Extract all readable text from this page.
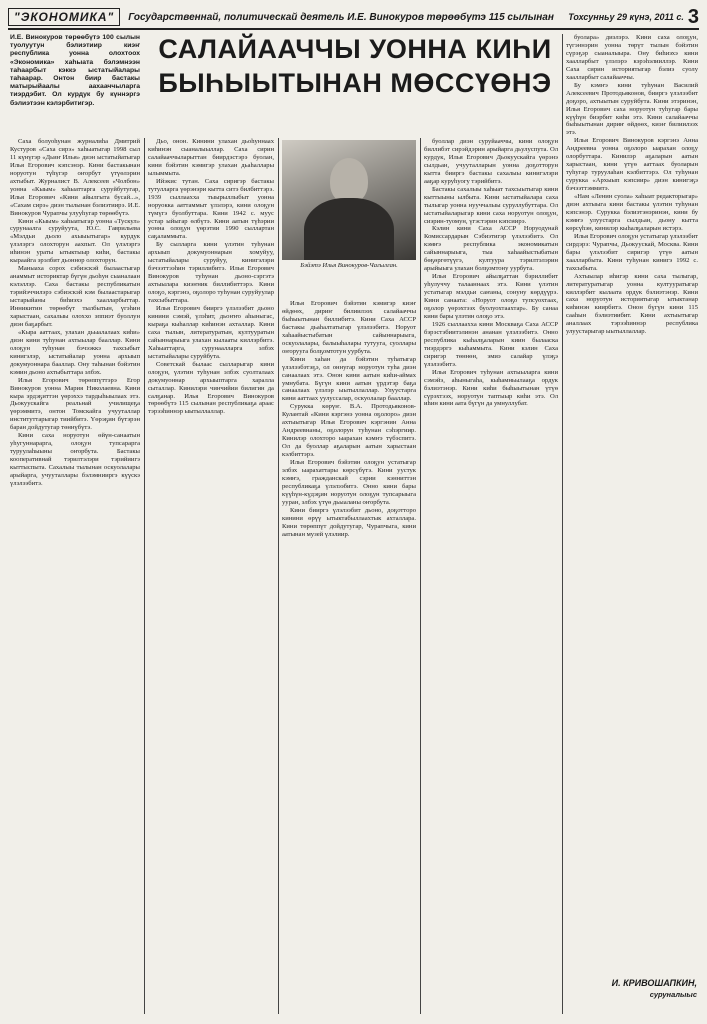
"ЭКОНОМИКА"	Государственнай, политическай деятель И.Е. Винокуров төрөөбүтэ 115 сылынан	Тохсунньу 29 күнэ, 2011 с. 3
И.Е. Винокуров төрөөбүтэ 100 сылын туолуутун бэлиэтиир киэҥ республика уонна олохтоох «Экономика» хаһыата бэлэмнээн таһаарбыт кэккэ ыстатыйалары таһаарар. Онтон биир бастакы матырыйаалы аахааччыларга тиэрдэбит. Ол курдук бу күннэргэ бэлиэтээн кэлэрбитигэр.
САЛАЙААЧЧЫ УОННА КИҺИ
БЫҺЫЫТЫНАН МӨССҮӨНЭ

Саха болуоһунан журналиһа Дмитрий Кустуров «Саха сирэ» хаһыатыгар 1998 сыл 11 күнүгэр «Дьиҥ Илья» диэн ыстатыйатыгар Илья Егорович кэпсэнэр. Кини бастакынан норуотун түһүгэр оҥорбут үтүөлэрин ахтыбыт. Журналист В. Алексеев «Чолбон» уонна «Кыым» хаһыаттарга суруйбутугар, Илья Егорович «Кини айылгыта бусай...», «Сахам сирэ» диэн тылынан бэлиэтиирэ. И.Е. Винокуров Чурапчы улууһугар төрөөбүтэ.

Кини «Кыым» хаһыатыгар уонна «Тускул» сурунаалга суруйуута, Ю.С. Гаврильева «Мэлдьи дьоло ахыыытыгар» курдук үлэлэргэ олохторун аахпыт. Ол үлэлэргэ иһинэн ураты ытыктыыр киһи, бастакы кыраайга эрэлбит дьоннор олохторун.

Маныаха сорох сэбиэскэй былаастыгар анаммыт историктар бүгүн дьоһун сыаналаан кэлэллэр. Саха бастакы республикатын тэрийэччилэрэ сэбиэскэй кэм былаастарыгар ыстарыйаны биһиэхэ хаалларбыттар. Инникитин төрөөбүт тылбытын, үгэһин харыстаан, сахалыы олоххо эппиэт буоллун диэн баҕарбыт.

«Кыра ааттаах, улахан дьыалалаах киһи» диэн кини туһунан ахтыылар бааллар. Кини олоҕун туһунан бэчээккэ тахсыбыт кинигэлэр, ыстатыйалар уонна архыып докумуоннара бааллар. Ону таһынан бэйэтин кэмин дьоно ахтыбыттара элбэх.

Илья Егорович төрөппүттэрэ Егор Винокуров уонна Мария Николаевна. Кини кыра эрдэҕиттэн үөрэххэ тардыһыылаах этэ. Дьокуускайга реальнай училищеҕа үөрэммитэ, онтон Томскайга учууталлар институттарыгар тиийбитэ. Үөрэҕин бүтэрэн баран дойдутугар төннүбүтэ.

Кини саха норуотун өйүн-санаатын уһугуннарарга, олоҕун тупсарарга туруулаһыыны оҥорбута. Бастакы кооперативнай тэрилтэлэри тэрийиигэ кыттыспыта. Сахалыы тылынан оскуолалары арыйарга, учууталлары бэлэмнииргэ күүскэ үлэлээбитэ.

Дьо, онон. Кинини улахан дьоһуннаах киһинэн сыаналыыллар. Саха сирин салайааччыларыттан биирдэстэрэ буолан, кини бэйэтин кэмигэр улахан дьаһаллары ылыммыта.

Ийэкис тутан. Саха сиригэр бастакы тутулларга үөрэнэри кытта ситэ билбиттэрэ. 1939 сыллаахха тыырыллыбыт уонна норуокка ааттаммыт үлэлэрэ, кини олоҕун түмүгэ буолбуттара. Кини 1942 с. муус устар ыйыгар өлбүтэ. Кини аатын түһэрии уонна олоҕун үөрэтии 1990 сыллартан саҕаламмыта.

Бу сылларга кини үлэтин туһунан архыып докумуоннарын хомуйуу, ыстатыйалары суруйуу, кинигэлэри бэчээттээһин тэриллибитэ. Илья Егорович Винокуров туһунан дьоно-сэргэтэ ахтыылара киэҥник биллибиттэрэ. Кини олоҕо, кэргэнэ, оҕолоро туһунан суруйуулар тахсыбыттара.

Илья Егорович бииргэ үлэлээбит дьоно кинини сэмэй, үлэһит, дьоҥҥо аһыныгас, кыраҕа кыһаллар киһинэн ахталлар. Кини саха тылын, литературатын, култууратын сайыннарыыга улахан кылааты киллэрбитэ. Хаһыаттарга, сурунаалларга элбэх ыстатыйалары суруйбута.

Советскай былаас сылларыгар кини олоҕун, үлэтин туһунан элбэх суолталаах докумуоннар архыыптарга харалла сыталлар. Кинилэри чинчийии билигин да салҕанар. Илья Егорович Винокуров төрөөбүтэ 115 сылынан республикаҕа араас тэрээһиннэр ыытыллаллар.

Бэйэтэ Илья Винокуров-Чагылган.

Илья Егорович бэйэтин кэмигэр киэҥ өйдөөх, дириҥ билиилээх салайааччы быһыытынан биллибитэ. Кини Саха АССР бастакы дьаһалтатыгар үлэлээбитэ. Норуот хаһаайыстыбатын сайыннарыыга, оскуолалары, балыыһалары тутууга, суоллары оҥорууга болҕомтотун уурбута.

Кини хаһан да бэйэтин туһатыгар үлэлээбэтэҕэ, ол оннугар норуотун туһа диэн санаалаах этэ. Онон кини аатын киһи-аймах умнубата. Бүгүн кини аатын үрдэтэр баҕа санаалаах үлэлэр ыытыллаллар. Улуустарга кини ааттаах уулуссалар, оскуолалар бааллар.

Сурукка көрүҥ. В.А. Протодьяконов-Кулантай «Кини кэргэнэ уонна оҕолоро» диэн ахтыытыгар Илья Егорович кэргэнин Анна Андреевнаны, оҕолорун туһунан сэһэргиир. Кинилэр олохторо ыарахан кэмҥэ түбэспитэ. Ол да буоллар аҕаларын аатын харыстаан кэлбиттэрэ.

Илья Егорович бэйэтин олоҕун устатыгар элбэх ыарахаттары көрсүбүтэ. Кини уустук кэмҥэ, гражданскай сэрии кэнниттэн республикаҕа үлэлээбитэ. Онно кини бары күүһүн-күдэҕин норуотун олоҕун тупсарыыга ууран, элбэх үтүө дьыаланы оҥорбута.

Кини бииргэ үлэлээбит дьоно, доҕотторо кинини өрүү ытыктабыллаахтык ахталлара. Кини төрөппүт дойдутугар, Чурапчыга, кини аатынан музей үлэлиир.

буоллар диэн суруйааччы, кини олоҕун биллибэт сирэйдэрин арыйарга дьулуспута. Ол курдук, Илья Егорович Дьокуускайга үөрэнэ сылдьан, учууталларын уонна доҕотторун кытта бииргэ бастакы сахалыы кинигэлэри ааҕар куруһуогу тэрийбитэ.

Бастакы сахалыы хаһыат тахсыытыгар кини кыттыыны ылбыта. Кини ыстатыйалара саха тылыгар уонна нууччалыы суруллубуттара. Ол ыстатыйаларыгар кини саха норуотун олоҕун, сиэрин-туомун, үгэстэрин кэпсиирэ.

Кэлин кини Саха АССР Норуодунай Комиссардарын Сэбиэтигэр үлэлээбитэ. Ол кэмҥэ республика экономикатын сайыннарыыга, тыа хаһаайыстыбатын бөҕөргөтүүгэ, култуура тэрилтэлэрин арыйыыга улахан болҕомтону уурбута.

Илья Егорович айылҕаттан бэриллибит уһулуччу талааннаах этэ. Кини үлэтин устатыгар мэлдьи саҥаны, сонуну көрдүүрэ. Кини санаата: «Норуот олоҕо тупсуохтаах, оҕолор үөрэхтээх буолуохтаахтар». Бу санаа кини бары үлэтин олоҕо этэ.

1926 сыллаахха кини Москваҕа Саха АССР бэрэстэбиитэлинэн ананан үлэлээбитэ. Онно республика кыһалҕаларын киин былааска тиэрдэргэ кыһаммыта. Кини кэлин Саха сиригэр төннөн, эмиэ салайар үлэҕэ үлэлээбитэ.

Илья Егорович туһунан ахтыыларга кини сэмэйэ, аһыныгаһа, кыһамньылааҕа ордук бэлиэтэнэр. Кини киһи быһыытынан үтүө сүрэхтээх, норуотун таптыыр киһи этэ. Ол иһин кини аата бүгүн да умнуллубат.

буолара» диэлэрэ. Кини саха олоҕун, түгэннэрин уонна төрүт тылын бэйэтин сүрэҕэр сыаналыыра. Ону биһиэхэ кини хаалларбыт үлэлэрэ кэрэһэлииллэр. Кини Саха сирин историятыгар бэлиэ суолу хаалларбыт салайааччы.

Бу кэмҥэ кини туһунан Василий Алексеевич Протодьяконов, бииргэ үлэлээбит доҕоро, ахтыытын суруйбута. Кини этэринэн, Илья Егорович саха норуотун туһугар бары күүһүн биэрбит киһи этэ. Кини салайааччы быһыытынан дириҥ өйдөөх, киэҥ билиилээх этэ.

Илья Егорович Винокуров кэргэнэ Анна Андреевна уонна оҕолоро ыарахан олоҕу олорбуттара. Кинилэр аҕаларын аатын харыстаан, кини үтүө ааттаах буоларын туһугар туруулаһан кэлбиттэрэ. Ол туһунан сурукка «Архыып кэпсиир» диэн кинигэҕэ бэчээттэммитэ.

«Нам «Ленин суола» хаһыат редакторыгар» диэн ахтыыга кини бастакы үлэтин туһунан кэпсэнэр. Сурукка бэлиэтэнэринэн, кини бу кэмҥэ улуустарга сылдьан, дьону кытта көрсүһэн, кинилэр кыһалҕаларын истэрэ.

Илья Егорович олоҕун устатыгар үлэлээбит сирдэрэ: Чурапчы, Дьокуускай, Москва. Кини бары үлэлээбит сиригэр үтүө аатын хаалларбыта. Кини туһунан кинигэ 1992 с. тахсыбыта.

Ахтыылар иһигэр кини саха тылыгар, литературатыгар уонна култууратыгар киллэрбит кылаата ордук бэлиэтэнэр. Кини саха норуотун историятыгар ытыктанар киһинэн киирбитэ. Онон бүгүн кини 115 сааһын бэлиэтиибит. Кини ахтыытыгар аналлаах тэрээһиннэр республика улуустарыгар ыытыллаллар.

И. КРИВОШАПКИН,
суруналыыс
